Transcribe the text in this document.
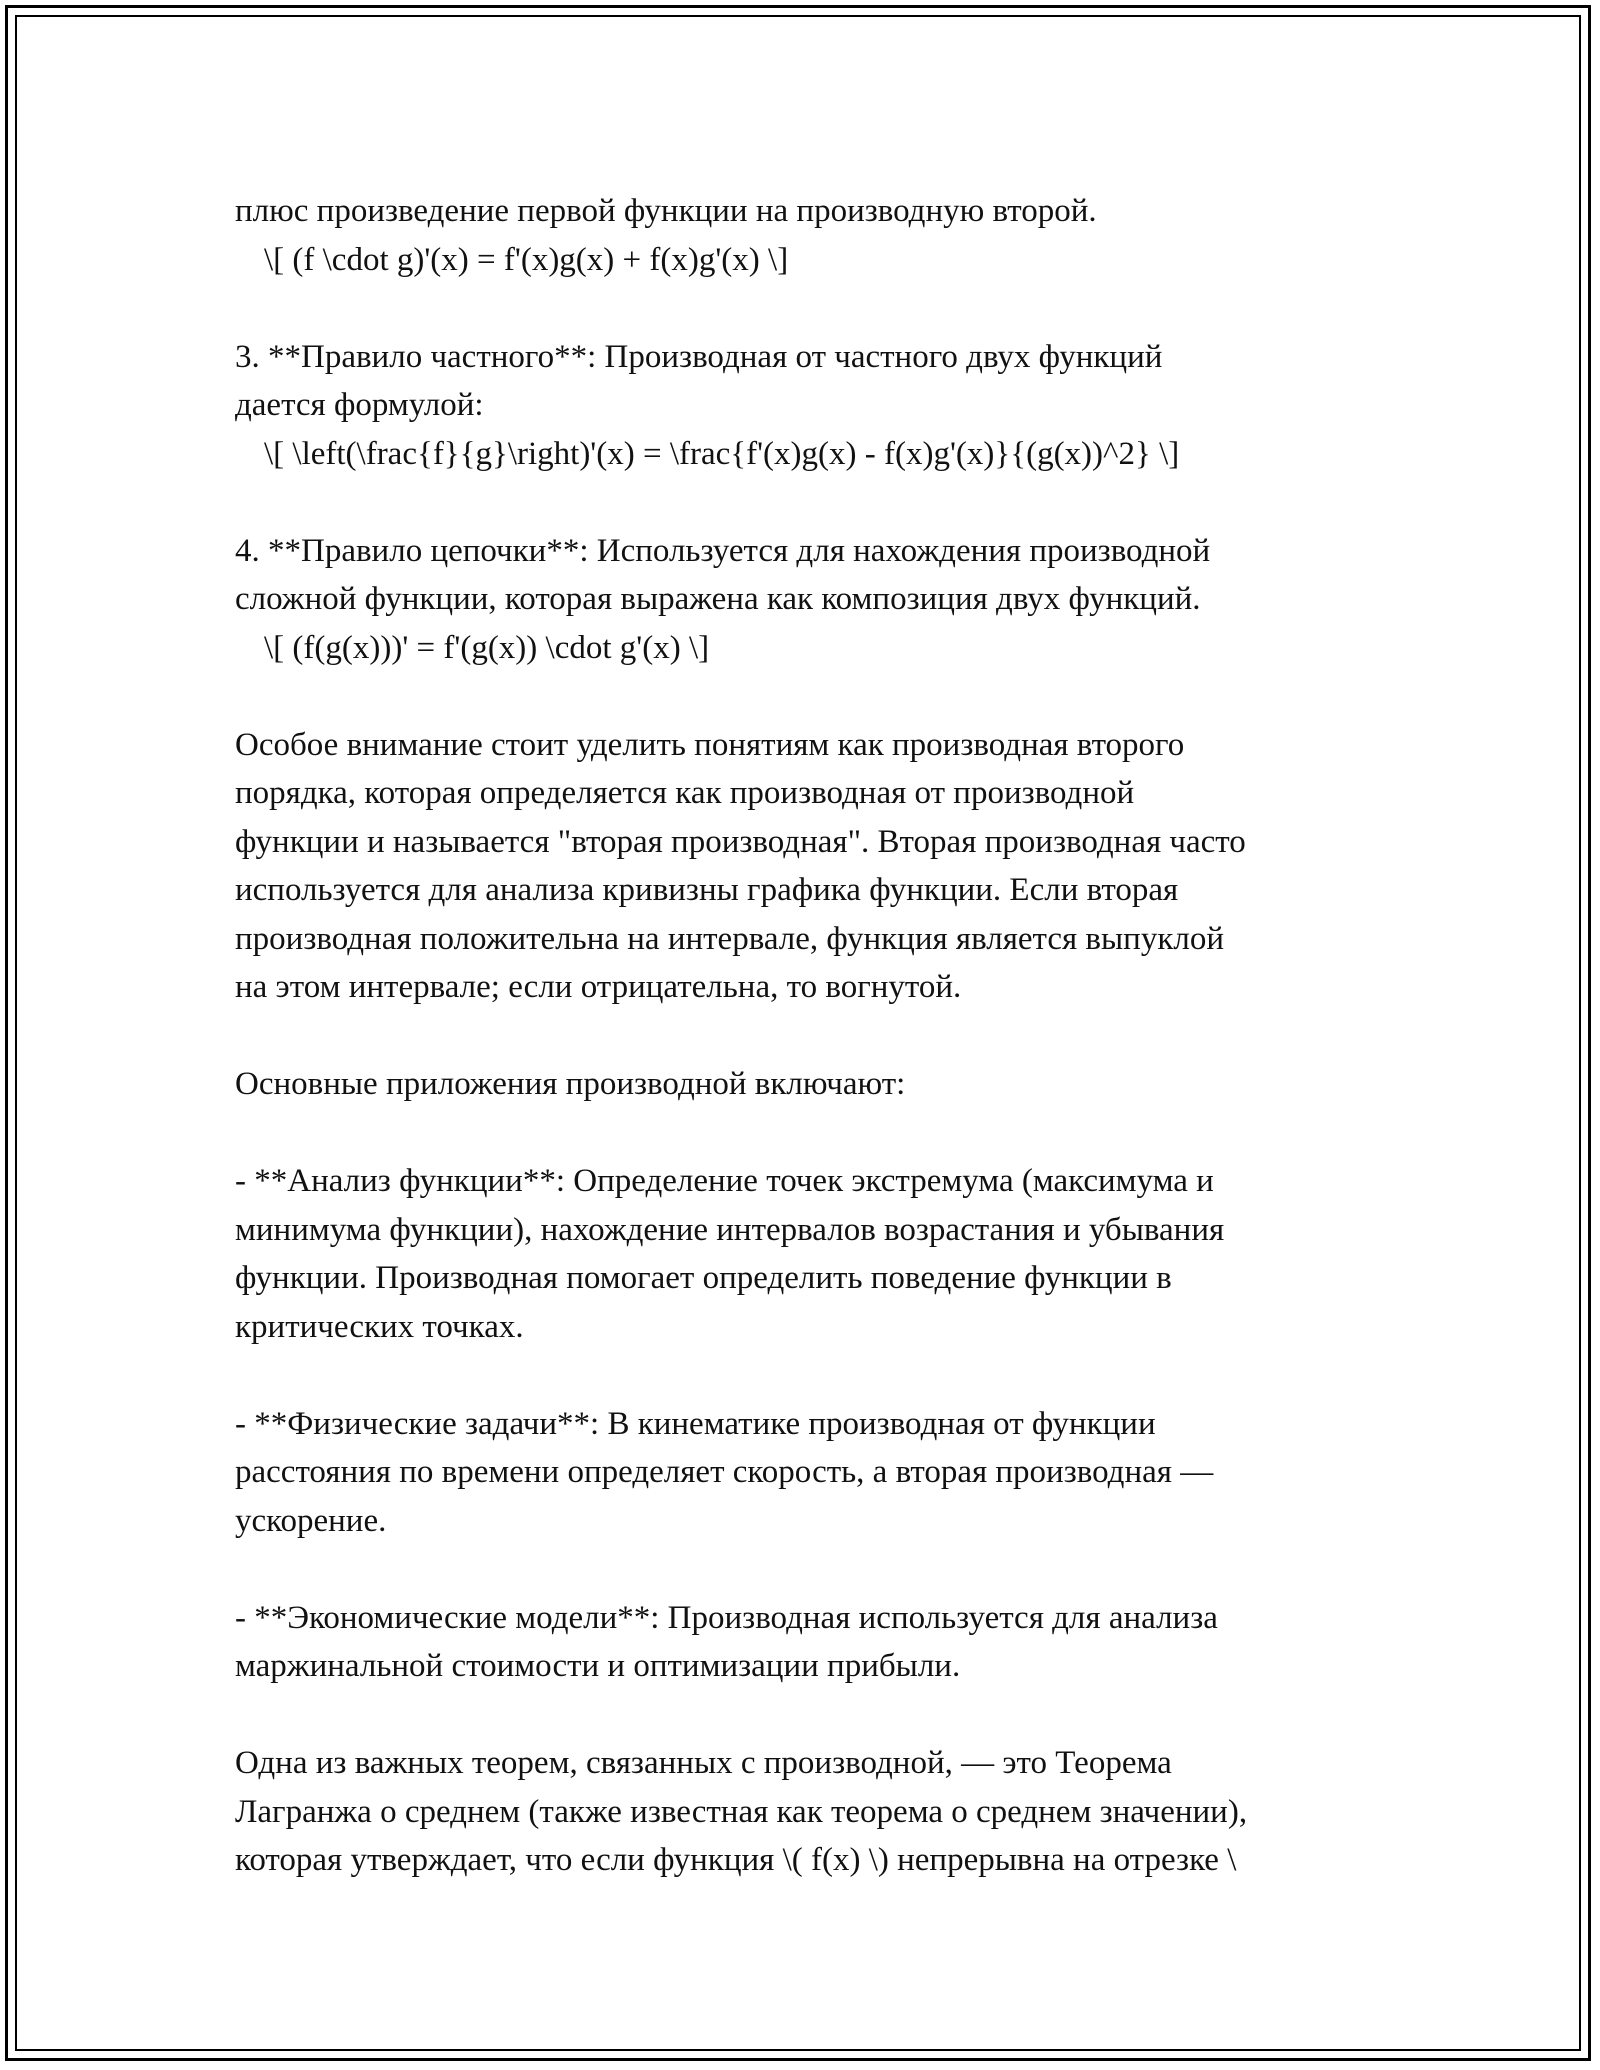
плюс произведение первой функции на производную второй.

\[ (f \cdot g)'(x) = f'(x)g(x) + f(x)g'(x) \]

3. **Правило частного**: Производная от частного двух функций

дается формулой:

\[ \left(\frac{f}{g}\right)'(x) = \frac{f'(x)g(x) - f(x)g'(x)}{(g(x))^2} \]

4. **Правило цепочки**: Используется для нахождения производной

сложной функции, которая выражена как композиция двух функций.

\[ (f(g(x)))' = f'(g(x)) \cdot g'(x) \]

Особое внимание стоит уделить понятиям как производная второго

порядка, которая определяется как производная от производной

функции и называется "вторая производная". Вторая производная часто

используется для анализа кривизны графика функции. Если вторая

производная положительна на интервале, функция является выпуклой

на этом интервале; если отрицательна, то вогнутой.

Основные приложения производной включают:

- **Анализ функции**: Определение точек экстремума (максимума и

минимума функции), нахождение интервалов возрастания и убывания

функции. Производная помогает определить поведение функции в

критических точках.

- **Физические задачи**: В кинематике производная от функции

расстояния по времени определяет скорость, а вторая производная —

ускорение.

- **Экономические модели**: Производная используется для анализа

маржинальной стоимости и оптимизации прибыли.

Одна из важных теорем, связанных с производной, — это Теорема

Лагранжа о среднем (также известная как теорема о среднем значении),

которая утверждает, что если функция \( f(x) \) непрерывна на отрезке \
